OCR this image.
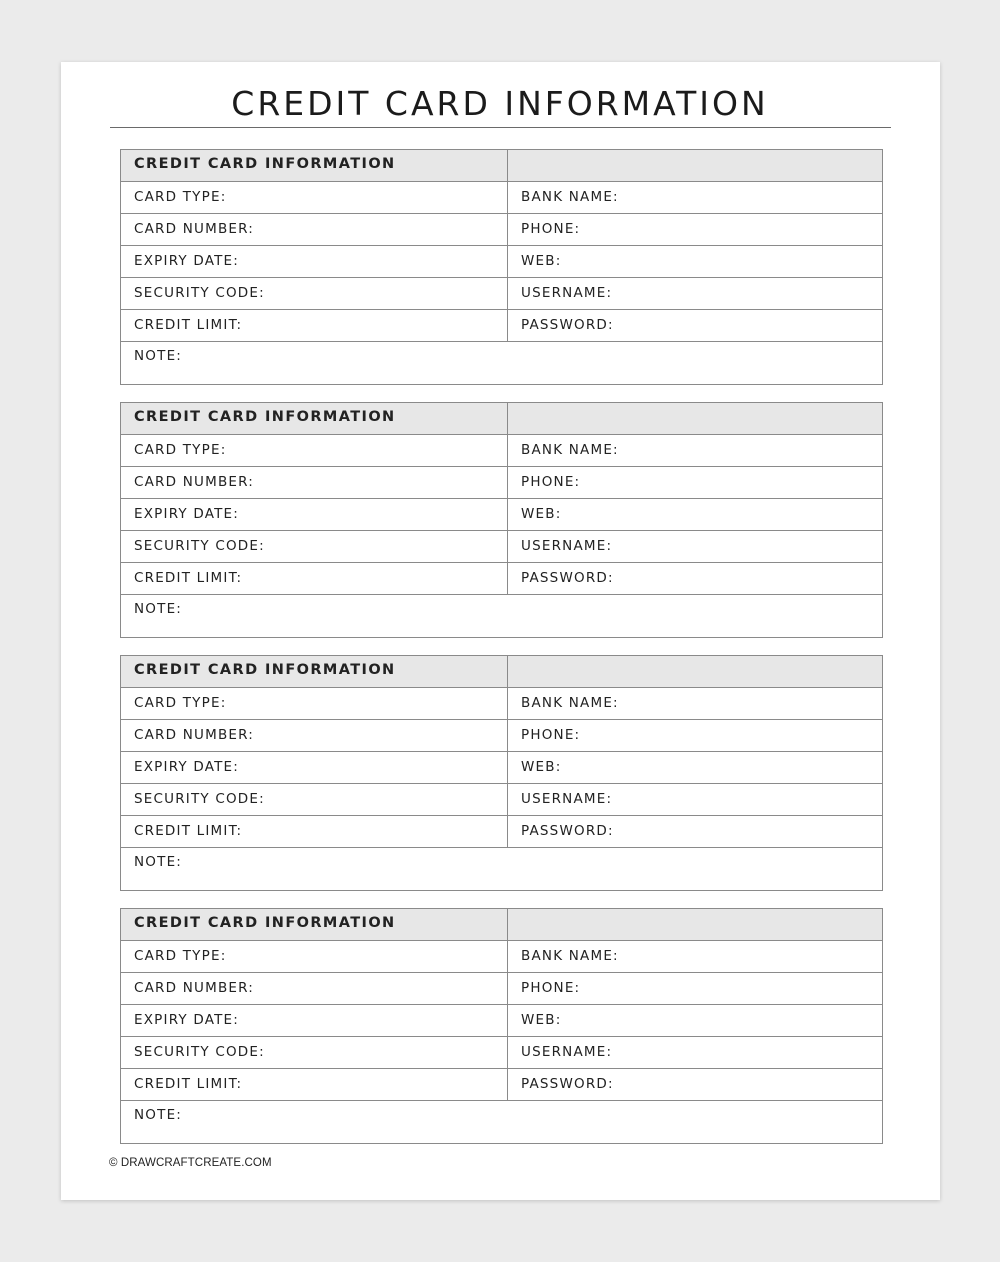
CREDIT CARD INFORMATION
CREDIT CARD INFORMATION
CARD TYPE:	BANK NAME:
CARD NUMBER:	PHONE:
EXPIRY DATE:	WEB:
SECURITY CODE:	USERNAME:
CREDIT LIMIT:	PASSWORD:
NOTE:
CREDIT CARD INFORMATION
CARD TYPE:	BANK NAME:
CARD NUMBER:	PHONE:
EXPIRY DATE:	WEB:
SECURITY CODE:	USERNAME:
CREDIT LIMIT:	PASSWORD:
NOTE:
CREDIT CARD INFORMATION
CARD TYPE:	BANK NAME:
CARD NUMBER:	PHONE:
EXPIRY DATE:	WEB:
SECURITY CODE:	USERNAME:
CREDIT LIMIT:	PASSWORD:
NOTE:
CREDIT CARD INFORMATION
CARD TYPE:	BANK NAME:
CARD NUMBER:	PHONE:
EXPIRY DATE:	WEB:
SECURITY CODE:	USERNAME:
CREDIT LIMIT:	PASSWORD:
NOTE:
© DRAWCRAFTCREATE.COM
